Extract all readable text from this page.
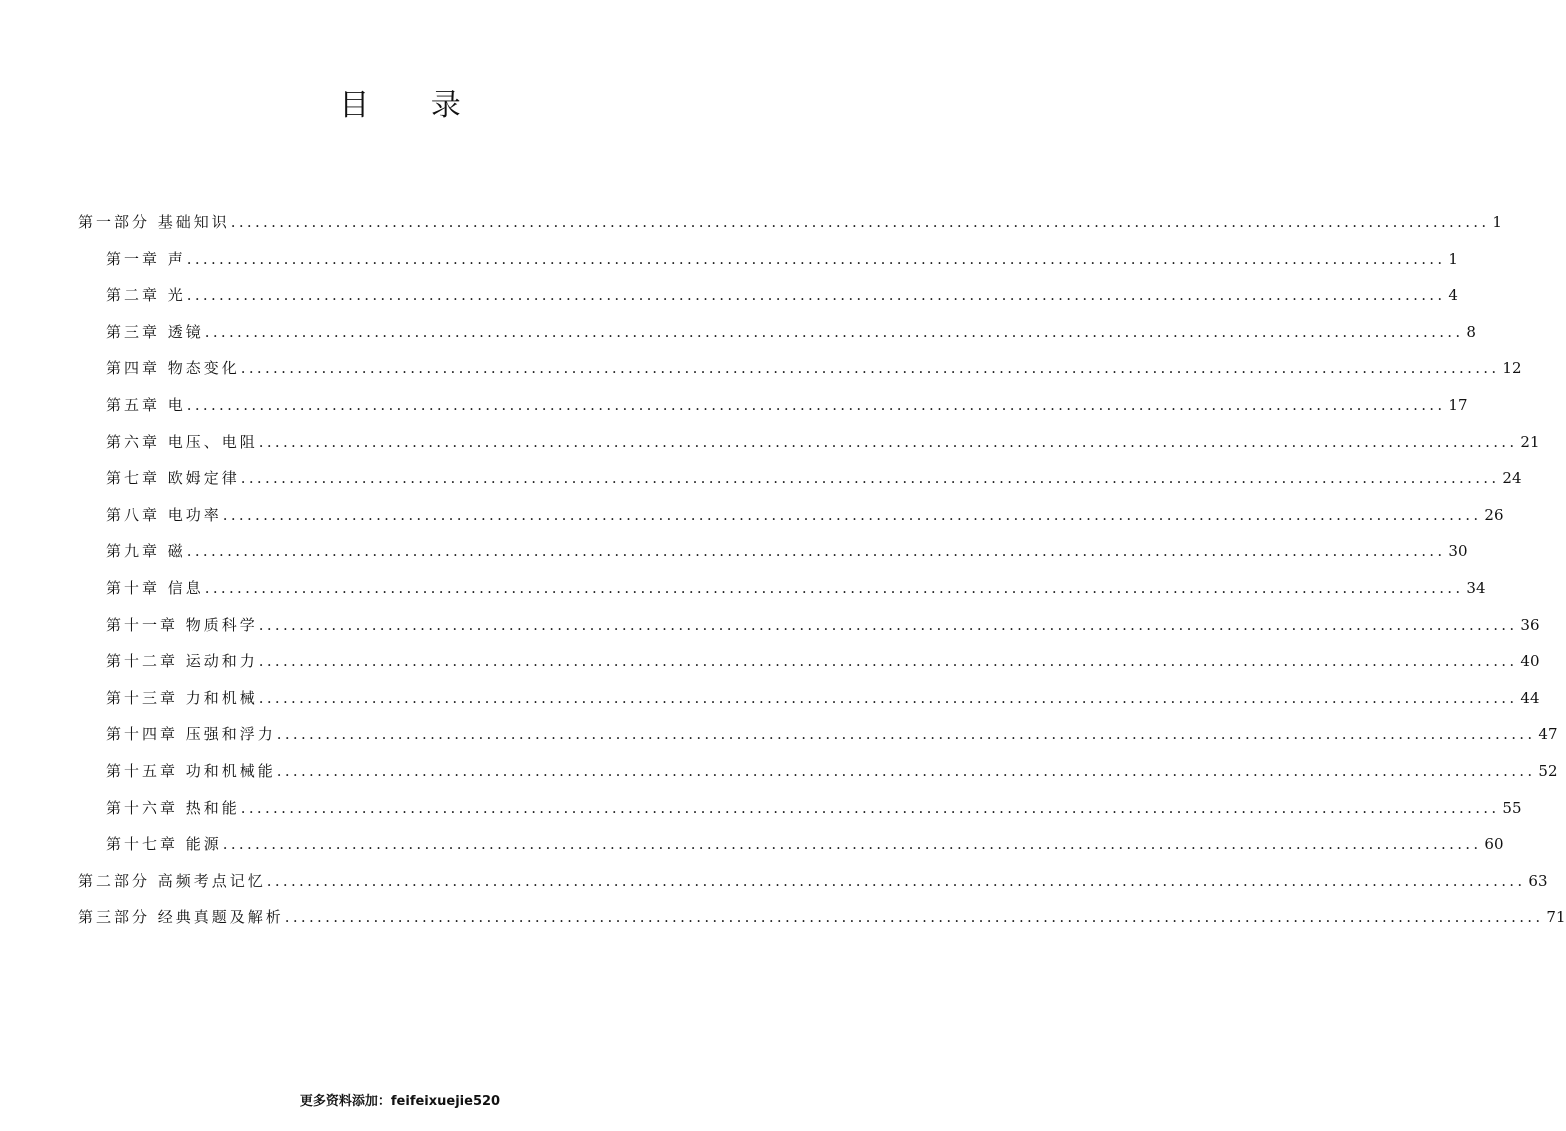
目 录
第一部分 基础知识 ............................................................................................................................................................ 1
第一章 声 ............................................................................................................................................................ 1
第二章 光 ............................................................................................................................................................ 4
第三章 透镜 ............................................................................................................................................................ 8
第四章 物态变化 ............................................................................................................................................................ 12
第五章 电 ............................................................................................................................................................ 17
第六章 电压、电阻 ............................................................................................................................................................ 21
第七章 欧姆定律 ............................................................................................................................................................ 24
第八章 电功率 ............................................................................................................................................................ 26
第九章 磁 ............................................................................................................................................................ 30
第十章 信息 ............................................................................................................................................................ 34
第十一章 物质科学 ............................................................................................................................................................ 36
第十二章 运动和力 ............................................................................................................................................................ 40
第十三章 力和机械 ............................................................................................................................................................ 44
第十四章 压强和浮力 ............................................................................................................................................................ 47
第十五章 功和机械能 ............................................................................................................................................................ 52
第十六章 热和能 ............................................................................................................................................................ 55
第十七章 能源 ............................................................................................................................................................ 60
第二部分 高频考点记忆 ............................................................................................................................................................ 63
第三部分 经典真题及解析 ............................................................................................................................................................ 71
更多资料添加：feifeixuejie520
